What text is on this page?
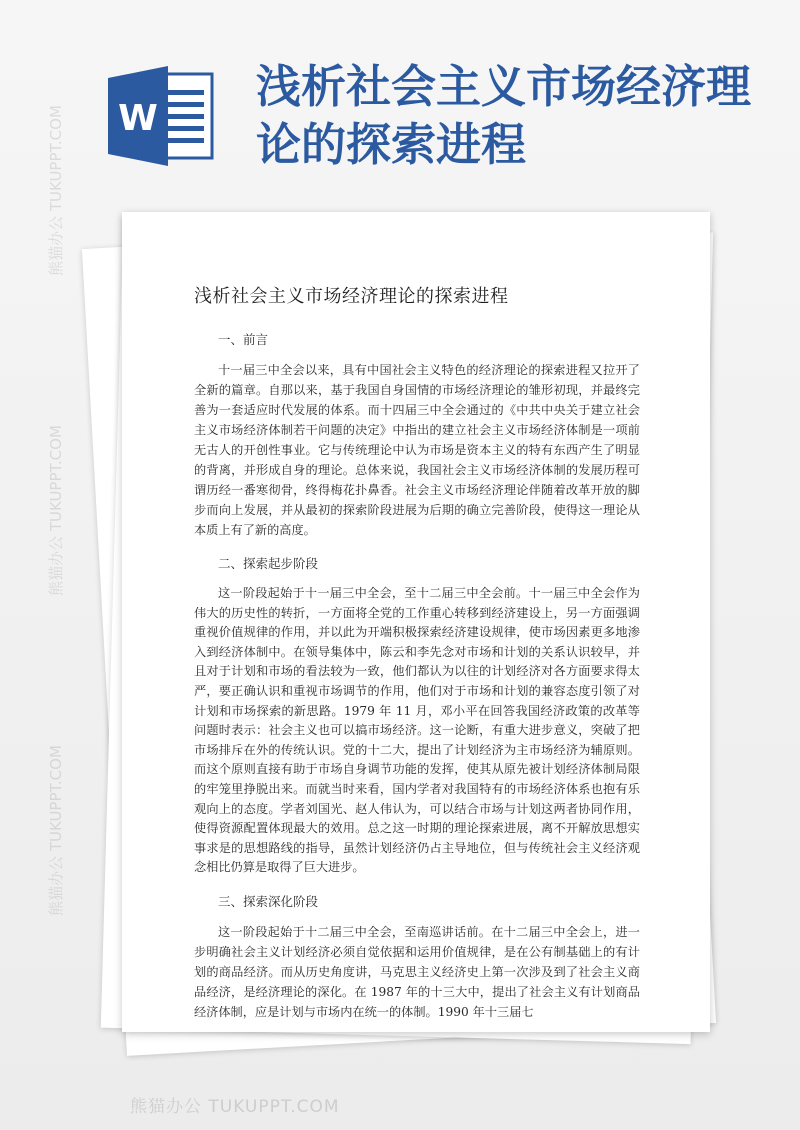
W
浅析社会主义市场经济理论的探索进程
浅析社会主义市场经济理论的探索进程
一、前言

十一届三中全会以来，具有中国社会主义特色的经济理论的探索进程又拉开了全新的篇章。自那以来，基于我国自身国情的市场经济理论的雏形初现，并最终完善为一套适应时代发展的体系。而十四届三中全会通过的《中共中央关于建立社会主义市场经济体制若干问题的决定》中指出的建立社会主义市场经济体制是一项前无古人的开创性事业。它与传统理论中认为市场是资本主义的特有东西产生了明显的背离，并形成自身的理论。总体来说，我国社会主义市场经济体制的发展历程可谓历经一番寒彻骨，终得梅花扑鼻香。社会主义市场经济理论伴随着改革开放的脚步而向上发展，并从最初的探索阶段进展为后期的确立完善阶段，使得这一理论从本质上有了新的高度。

二、探索起步阶段

这一阶段起始于十一届三中全会，至十二届三中全会前。十一届三中全会作为伟大的历史性的转折，一方面将全党的工作重心转移到经济建设上，另一方面强调重视价值规律的作用，并以此为开端积极探索经济建设规律，使市场因素更多地渗入到经济体制中。在领导集体中，陈云和李先念对市场和计划的关系认识较早，并且对于计划和市场的看法较为一致，他们都认为以往的计划经济对各方面要求得太严，要正确认识和重视市场调节的作用，他们对于市场和计划的兼容态度引领了对计划和市场探索的新思路。1979 年 11 月，邓小平在回答我国经济政策的改革等问题时表示：社会主义也可以搞市场经济。这一论断，有重大进步意义，突破了把市场排斥在外的传统认识。党的十二大，提出了计划经济为主市场经济为辅原则。而这个原则直接有助于市场自身调节功能的发挥，使其从原先被计划经济体制局限的牢笼里挣脱出来。而就当时来看，国内学者对我国特有的市场经济体系也抱有乐观向上的态度。学者刘国光、赵人伟认为，可以结合市场与计划这两者协同作用，使得资源配置体现最大的效用。总之这一时期的理论探索进展，离不开解放思想实事求是的思想路线的指导，虽然计划经济仍占主导地位，但与传统社会主义经济观念相比仍算是取得了巨大进步。

三、探索深化阶段

这一阶段起始于十二届三中全会，至南巡讲话前。在十二届三中全会上，进一步明确社会主义计划经济必须自觉依据和运用价值规律，是在公有制基础上的有计划的商品经济。而从历史角度讲，马克思主义经济史上第一次涉及到了社会主义商品经济，是经济理论的深化。在 1987 年的十三大中，提出了社会主义有计划商品经济体制，应是计划与市场内在统一的体制。1990 年十三届七

熊猫办公 TUKUPPT.COM
熊猫办公 TUKUPPT.COM
熊猫办公 TUKUPPT.COM
熊猫办公 TUKUPPT.COM
